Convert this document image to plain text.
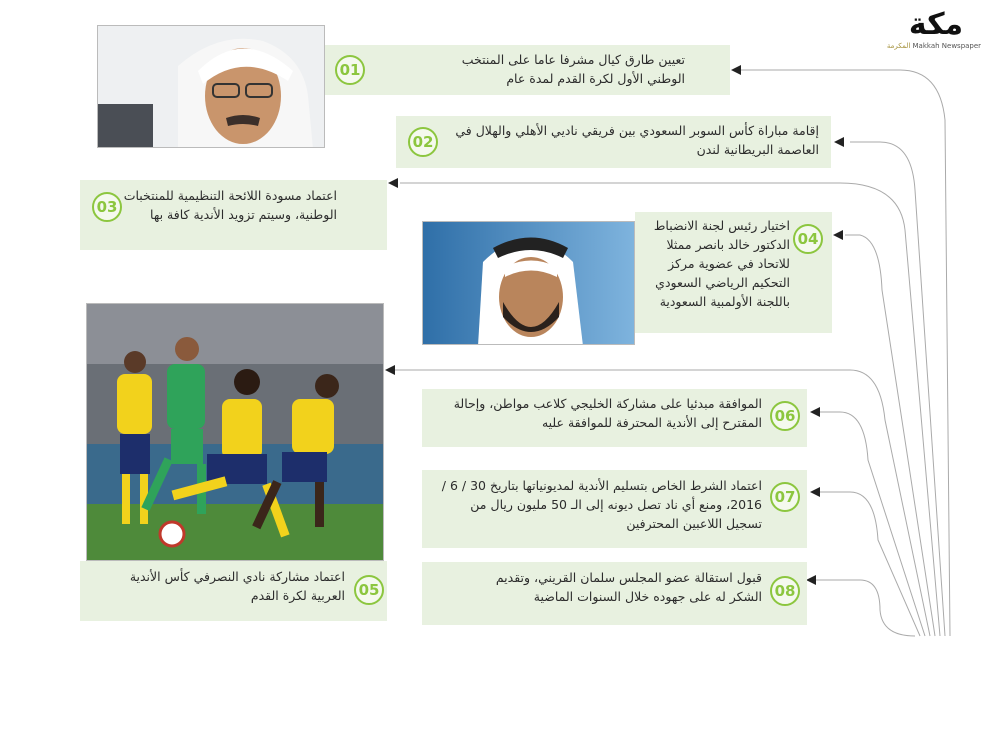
مكة
المكرمة Makkah Newspaper
01
تعيين طارق كيال مشرفا عاما على المنتخب الوطني الأول لكرة القدم لمدة عام
02
إقامة مباراة كأس السوبر السعودي بين فريقي ناديي الأهلي والهلال في العاصمة البريطانية لندن
03
اعتماد مسودة اللائحة التنظيمية للمنتخبات الوطنية، وسيتم تزويد الأندية كافة بها
04
اختيار رئيس لجنة الانضباط الدكتور خالد بانصر ممثلا للاتحاد في عضوية مركز التحكيم الرياضي السعودي باللجنة الأولمبية السعودية
05
اعتماد مشاركة نادي النصرفي كأس الأندية العربية لكرة القدم
06
الموافقة مبدئيا على مشاركة الخليجي كلاعب مواطن، وإحالة المقترح إلى الأندية المحترفة للموافقة عليه
07
اعتماد الشرط الخاص بتسليم الأندية لمديونياتها بتاريخ 30 / 6 / 2016، ومنع أي ناد تصل ديونه إلى الـ 50 مليون ريال من تسجيل اللاعبين المحترفين
08
قبول استقالة عضو المجلس سلمان القريني، وتقديم الشكر له على جهوده خلال السنوات الماضية
